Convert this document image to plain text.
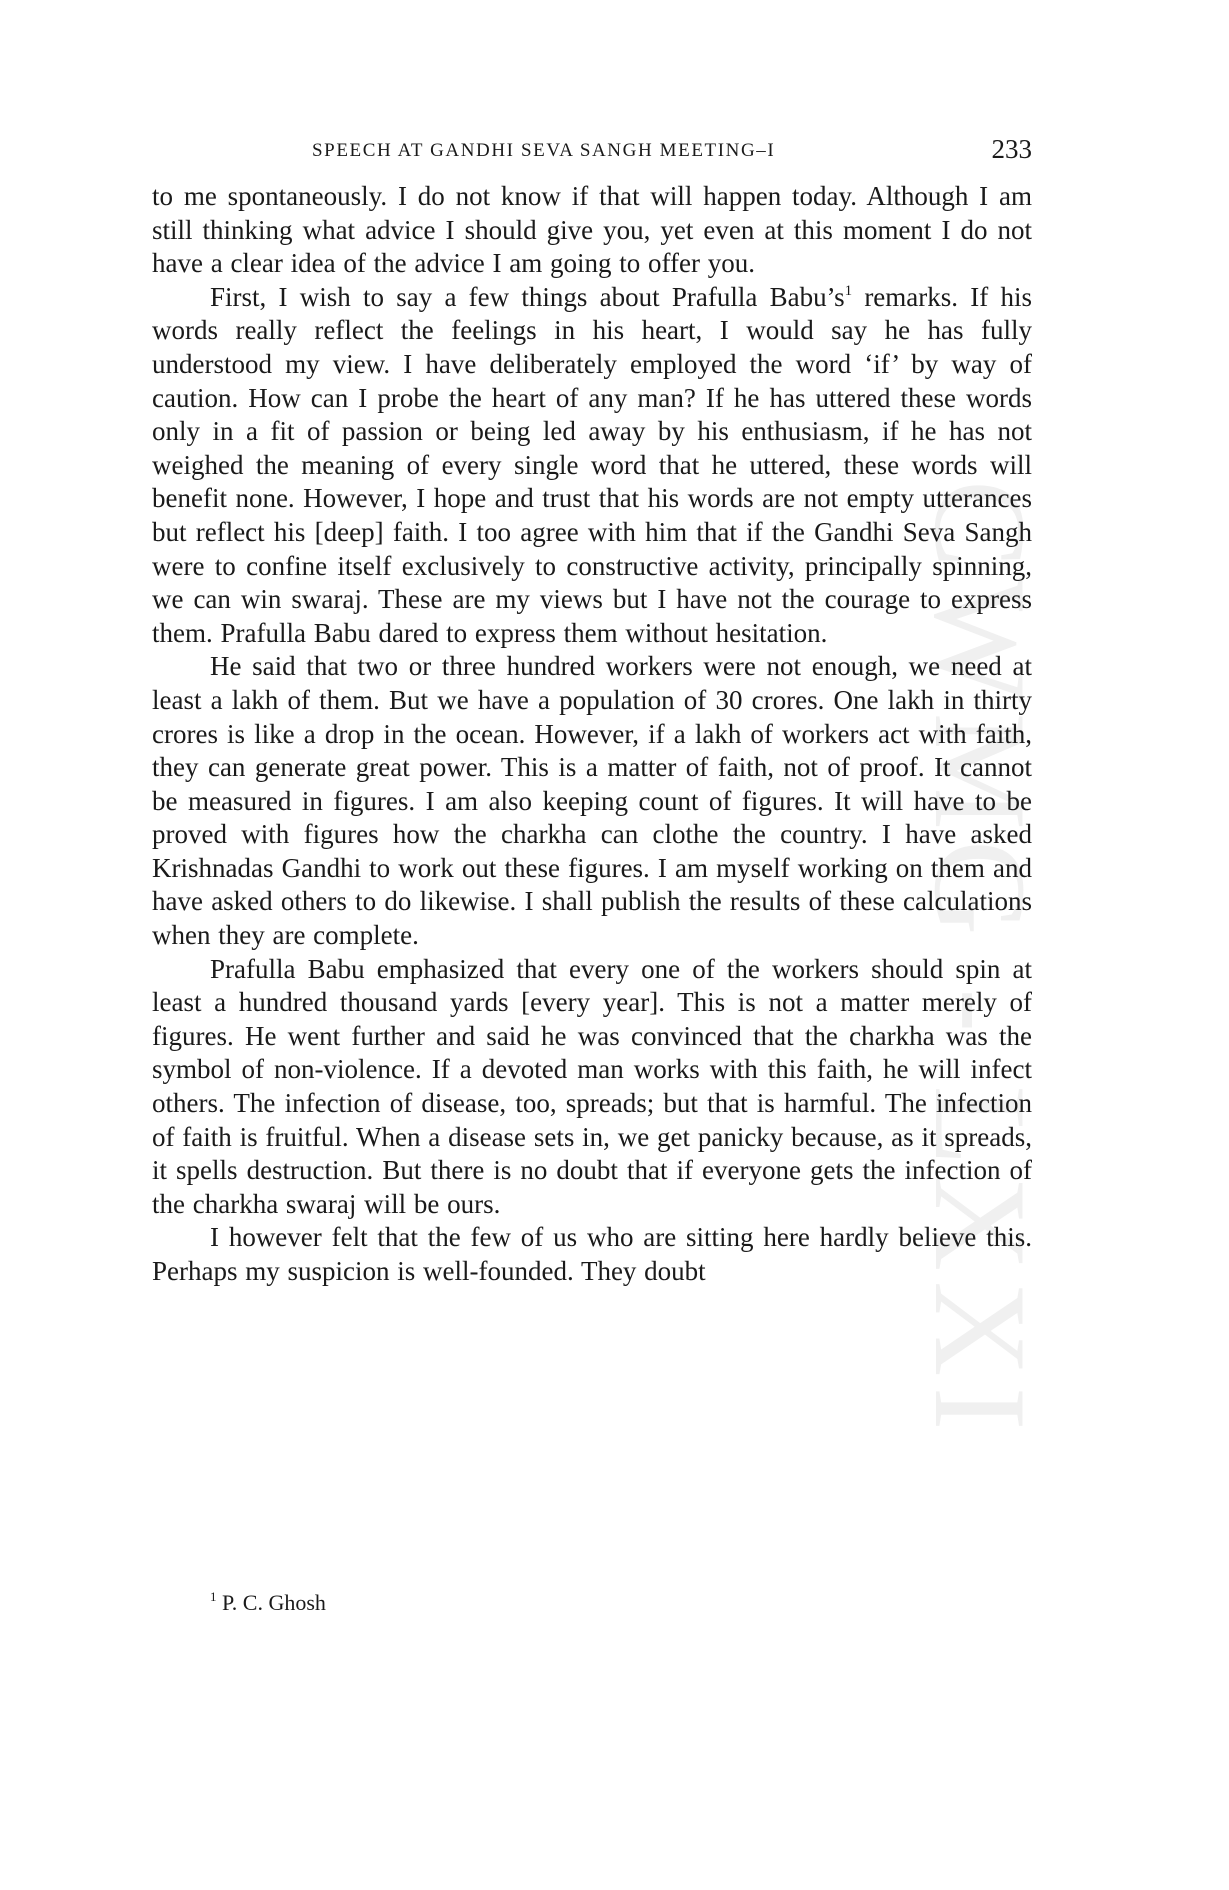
CWMG - LXXI
SPEECH AT GANDHI SEVA SANGH MEETING–I	233

to me spontaneously. I do not know if that will happen today. Although I am still thinking what advice I should give you, yet even at this moment I do not have a clear idea of the advice I am going to offer you.

First, I wish to say a few things about Prafulla $Babu’s^1$ remarks. If his words really reflect the feelings in his heart, I would say he has fully understood my view. I have deliberately employed the word ‘if’ by way of caution. How can I probe the heart of any man? If he has uttered these words only in a fit of passion or being led away by his enthusiasm, if he has not weighed the meaning of every single word that he uttered, these words will benefit none. However, I hope and trust that his words are not empty utterances but reflect his [deep] faith. I too agree with him that if the Gandhi Seva Sangh were to confine itself exclusively to constructive activity, principally spinning, we can win swaraj. These are my views but I have not the courage to express them. Prafulla Babu dared to express them without hesitation.

He said that two or three hundred workers were not enough, we need at least a lakh of them. But we have a population of 30 crores. One lakh in thirty crores is like a drop in the ocean. However, if a lakh of workers act with faith, they can generate great power. This is a matter of faith, not of proof. It cannot be measured in figures. I am also keeping count of figures. It will have to be proved with figures how the charkha can clothe the country. I have asked Krishnadas Gandhi to work out these figures. I am myself working on them and have asked others to do likewise. I shall publish the results of these calculations when they are complete.

Prafulla Babu emphasized that every one of the workers should spin at least a hundred thousand yards [every year]. This is not a matter merely of figures. He went further and said he was convinced that the charkha was the symbol of non-violence. If a devoted man works with this faith, he will infect others. The infection of disease, too, spreads; but that is harmful. The infection of faith is fruitful. When a disease sets in, we get panicky because, as it spreads, it spells destruction. But there is no doubt that if everyone gets the infection of the charkha swaraj will be ours.

I however felt that the few of us who are sitting here hardly believe this. Perhaps my suspicion is well-founded. They doubt

$^1$ P. C. Ghosh
